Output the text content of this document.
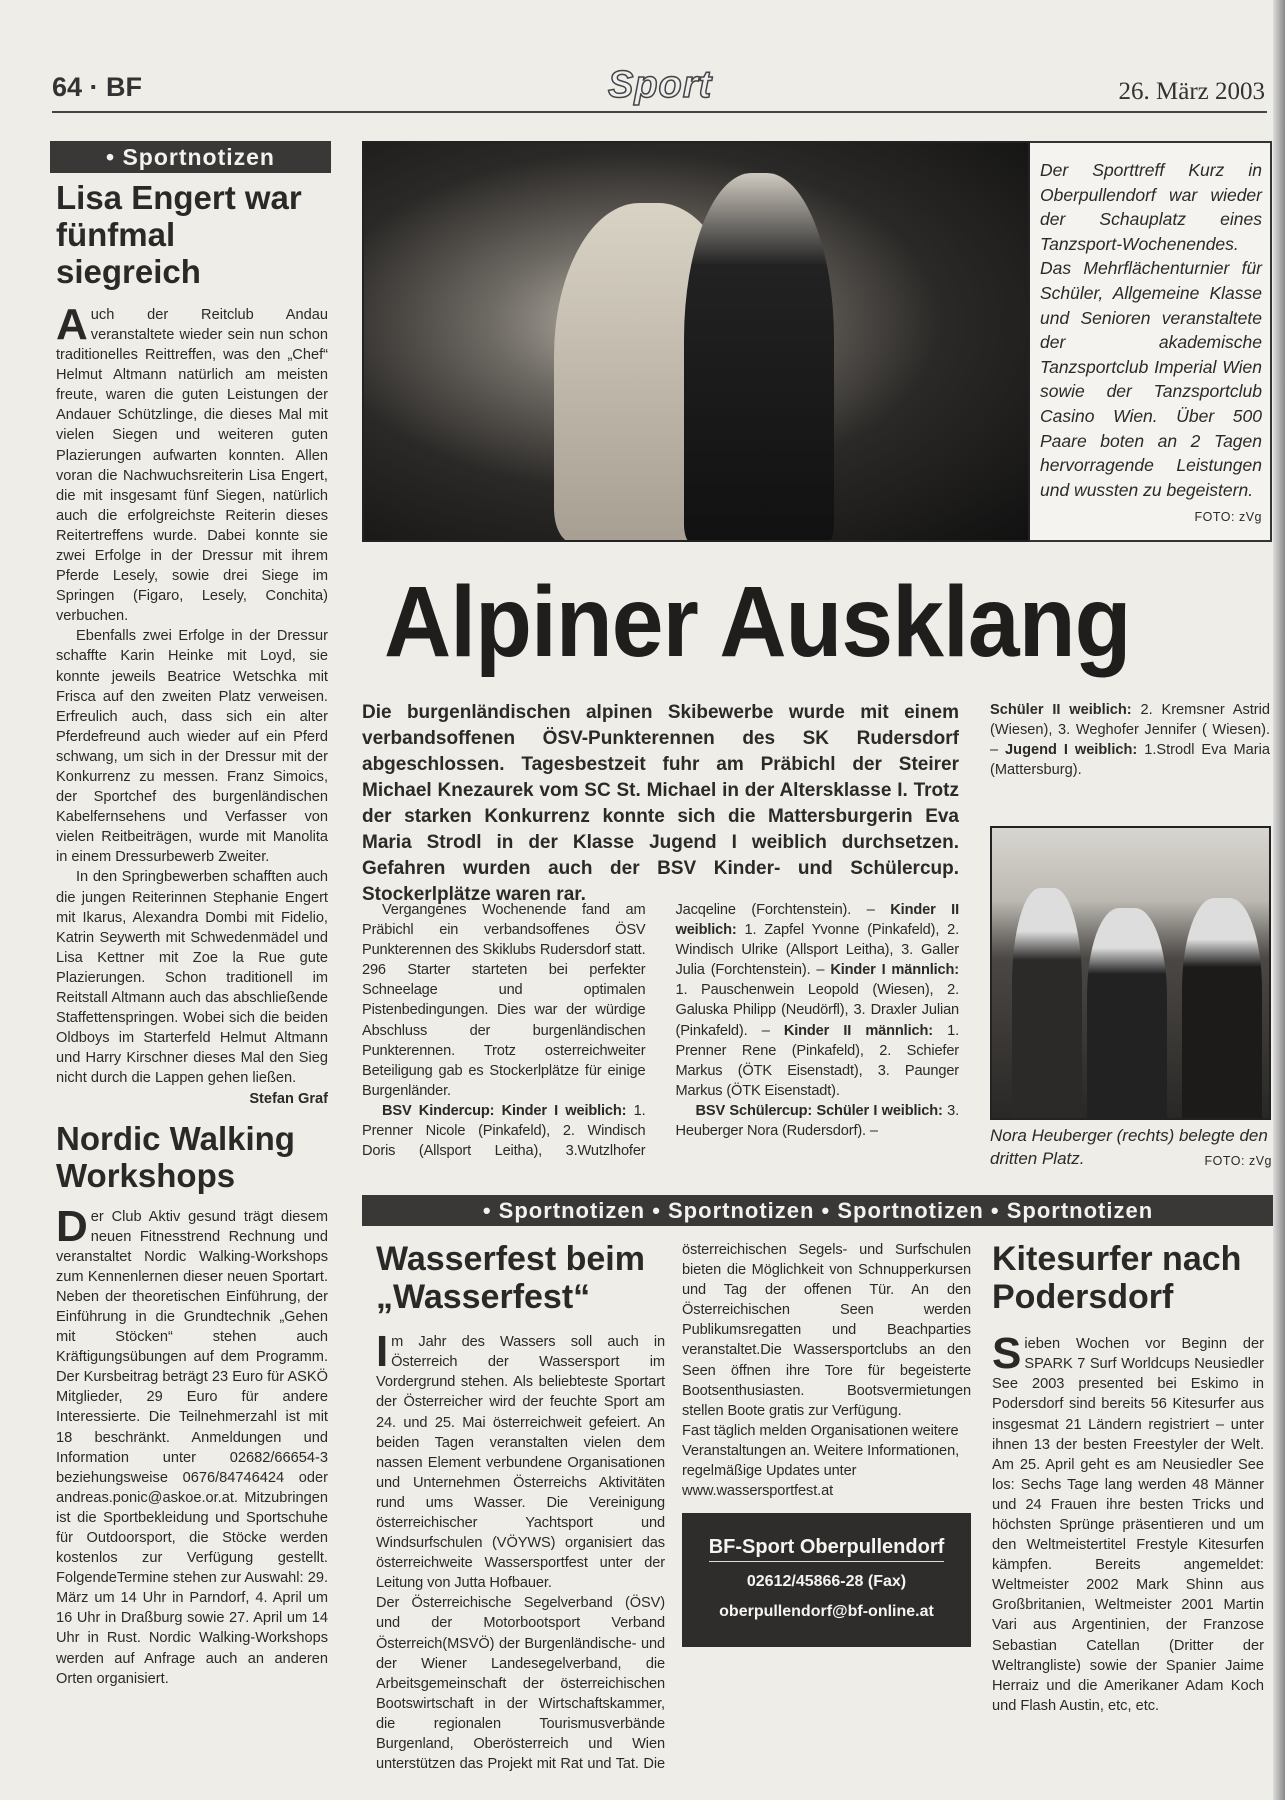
64 · BF	Sport	26. März 2003
• Sportnotizen
Lisa Engert war fünfmal siegreich

Auch der Reitclub Andau veranstaltete wieder sein nun schon traditionelles Reittreffen, was den „Chef“ Helmut Altmann natürlich am meisten freute, waren die guten Leistungen der Andauer Schützlinge, die dieses Mal mit vielen Siegen und weiteren guten Plazierungen aufwarten konnten. Allen voran die Nachwuchsreiterin Lisa Engert, die mit insgesamt fünf Siegen, natürlich auch die erfolgreichste Reiterin dieses Reitertreffens wurde. Dabei konnte sie zwei Erfolge in der Dressur mit ihrem Pferde Lesely, sowie drei Siege im Springen (Figaro, Lesely, Conchita) verbuchen.

Ebenfalls zwei Erfolge in der Dressur schaffte Karin Heinke mit Loyd, sie konnte jeweils Beatrice Wetschka mit Frisca auf den zweiten Platz verweisen. Erfreulich auch, dass sich ein alter Pferdefreund auch wieder auf ein Pferd schwang, um sich in der Dressur mit der Konkurrenz zu messen. Franz Simoics, der Sportchef des burgenländischen Kabelfernsehens und Verfasser von vielen Reitbeiträgen, wurde mit Manolita in einem Dressurbewerb Zweiter.

In den Springbewerben schafften auch die jungen Reiterinnen Stephanie Engert mit Ikarus, Alexandra Dombi mit Fidelio, Katrin Seywerth mit Schwedenmädel und Lisa Kettner mit Zoe la Rue gute Plazierungen. Schon traditionell im Reitstall Altmann auch das abschließende Staffettenspringen. Wobei sich die beiden Oldboys im Starterfeld Helmut Altmann und Harry Kirschner dieses Mal den Sieg nicht durch die Lappen gehen ließen.

Stefan Graf

Nordic Walking Workshops

Der Club Aktiv gesund trägt diesem neuen Fitnesstrend Rechnung und veranstaltet Nordic Walking-Workshops zum Kennenlernen dieser neuen Sportart. Neben der theoretischen Einführung, der Einführung in die Grundtechnik „Gehen mit Stöcken“ stehen auch Kräftigungsübungen auf dem Programm. Der Kursbeitrag beträgt 23 Euro für ASKÖ Mitglieder, 29 Euro für andere Interessierte. Die Teilnehmerzahl ist mit 18 beschränkt. Anmeldungen und Information unter 02682/66654-3 beziehungsweise 0676/84746424 oder andreas.ponic@askoe.or.at. Mitzubringen ist die Sportbekleidung und Sportschuhe für Outdoorsport, die Stöcke werden kostenlos zur Verfügung gestellt. FolgendeTermine stehen zur Auswahl: 29. März um 14 Uhr in Parndorf, 4. April um 16 Uhr in Draßburg sowie 27. April um 14 Uhr in Rust. Nordic Walking-Workshops werden auf Anfrage auch an anderen Orten organisiert.

Der Sporttreff Kurz in Oberpullendorf war wieder der Schauplatz eines Tanzsport-Wochenendes. Das Mehrflächenturnier für Schüler, Allgemeine Klasse und Senioren veranstaltete der akademische Tanzsportclub Imperial Wien sowie der Tanzsportclub Casino Wien. Über 500 Paare boten an 2 Tagen hervorragende Leistungen und wussten zu begeistern.
FOTO: zVg
Alpiner Ausklang
Die burgenländischen alpinen Skibewerbe wurde mit einem verbandsoffenen ÖSV-Punkterennen des SK Rudersdorf abgeschlossen. Tagesbestzeit fuhr am Präbichl der Steirer Michael Knezaurek vom SC St. Michael in der Altersklasse I. Trotz der starken Konkurrenz konnte sich die Mattersburgerin Eva Maria Strodl in der Klasse Jugend I weiblich durchsetzen. Gefahren wurden auch der BSV Kinder- und Schülercup. Stockerlplätze waren rar.

Vergangenes Wochenende fand am Präbichl ein verbandsoffenes ÖSV Punkterennen des Skiklubs Rudersdorf statt. 296 Starter starteten bei perfekter Schneelage und optimalen Pistenbedingungen. Dies war der würdige Abschluss der burgenländischen Punkterennen. Trotz osterreichweiter Beteiligung gab es Stockerlplätze für einige Burgenländer.

BSV Kindercup: Kinder I weiblich: 1. Prenner Nicole (Pinkafeld), 2. Windisch Doris (Allsport Leitha), 3.Wutzlhofer Jacqeline (Forchtenstein). – Kinder II weiblich: 1. Zapfel Yvonne (Pinkafeld), 2. Windisch Ulrike (Allsport Leitha), 3. Galler Julia (Forchtenstein). – Kinder I männlich: 1. Pauschenwein Leopold (Wiesen), 2. Galuska Philipp (Neudörfl), 3. Draxler Julian (Pinkafeld). – Kinder II männlich: 1. Prenner Rene (Pinkafeld), 2. Schiefer Markus (ÖTK Eisenstadt), 3. Paunger Markus (ÖTK Eisenstadt).

BSV Schülercup: Schüler I weiblich: 3. Heuberger Nora (Rudersdorf). –

Schüler II weiblich: 2. Kremsner Astrid (Wiesen), 3. Weghofer Jennifer ( Wiesen). – Jugend I weiblich: 1.Strodl Eva Maria (Mattersburg).

Nora Heuberger (rechts) belegte den dritten Platz.	FOTO: zVg
• Sportnotizen • Sportnotizen • Sportnotizen • Sportnotizen
Wasserfest beim „Wasserfest“

Im Jahr des Wassers soll auch in Österreich der Wassersport im Vordergrund stehen. Als beliebteste Sportart der Österreicher wird der feuchte Sport am 24. und 25. Mai österreichweit gefeiert. An beiden Tagen veranstalten vielen dem nassen Element verbundene Organisationen und Unternehmen Österreichs Aktivitäten rund ums Wasser. Die Vereinigung österreichischer Yachtsport und Windsurfschulen (VÖYWS) organisiert das österreichweite Wassersportfest unter der Leitung von Jutta Hofbauer.

Der Österreichische Segelverband (ÖSV) und der Motorbootsport Verband Österreich(MSVÖ) der Burgenländische- und der Wiener Landesegelverband, die Arbeitsgemeinschaft der österreichischen Bootswirtschaft in der Wirtschaftskammer, die regionalen Tourismusverbände Burgenland, Oberösterreich und Wien unterstützen das Projekt mit Rat und Tat. Die österreichischen Segels- und Surfschulen bieten die Möglichkeit von Schnupperkursen und Tag der offenen Tür. An den Österreichischen Seen werden Publikumsregatten und Beachparties veranstaltet.Die Wassersportclubs an den Seen öffnen ihre Tore für begeisterte Bootsenthusiasten. Bootsvermietungen stellen Boote gratis zur Verfügung.

Fast täglich melden Organisationen weitere Veranstaltungen an. Weitere Informationen, regelmäßige Updates unter www.wassersportfest.at

BF-Sport Oberpullendorf
02612/45866-28 (Fax)
oberpullendorf@bf-online.at
Kitesurfer nach Podersdorf

Sieben Wochen vor Beginn der SPARK 7 Surf Worldcups Neusiedler See 2003 presented bei Eskimo in Podersdorf sind bereits 56 Kitesurfer aus insgesmat 21 Ländern registriert – unter ihnen 13 der besten Freestyler der Welt. Am 25. April geht es am Neusiedler See los: Sechs Tage lang werden 48 Männer und 24 Frauen ihre besten Tricks und höchsten Sprünge präsentieren und um den Weltmeistertitel Frestyle Kitesurfen kämpfen. Bereits angemeldet: Weltmeister 2002 Mark Shinn aus Großbritanien, Weltmeister 2001 Martin Vari aus Argentinien, der Franzose Sebastian Catellan (Dritter der Weltrangliste) sowie der Spanier Jaime Herraiz und die Amerikaner Adam Koch und Flash Austin, etc, etc.
